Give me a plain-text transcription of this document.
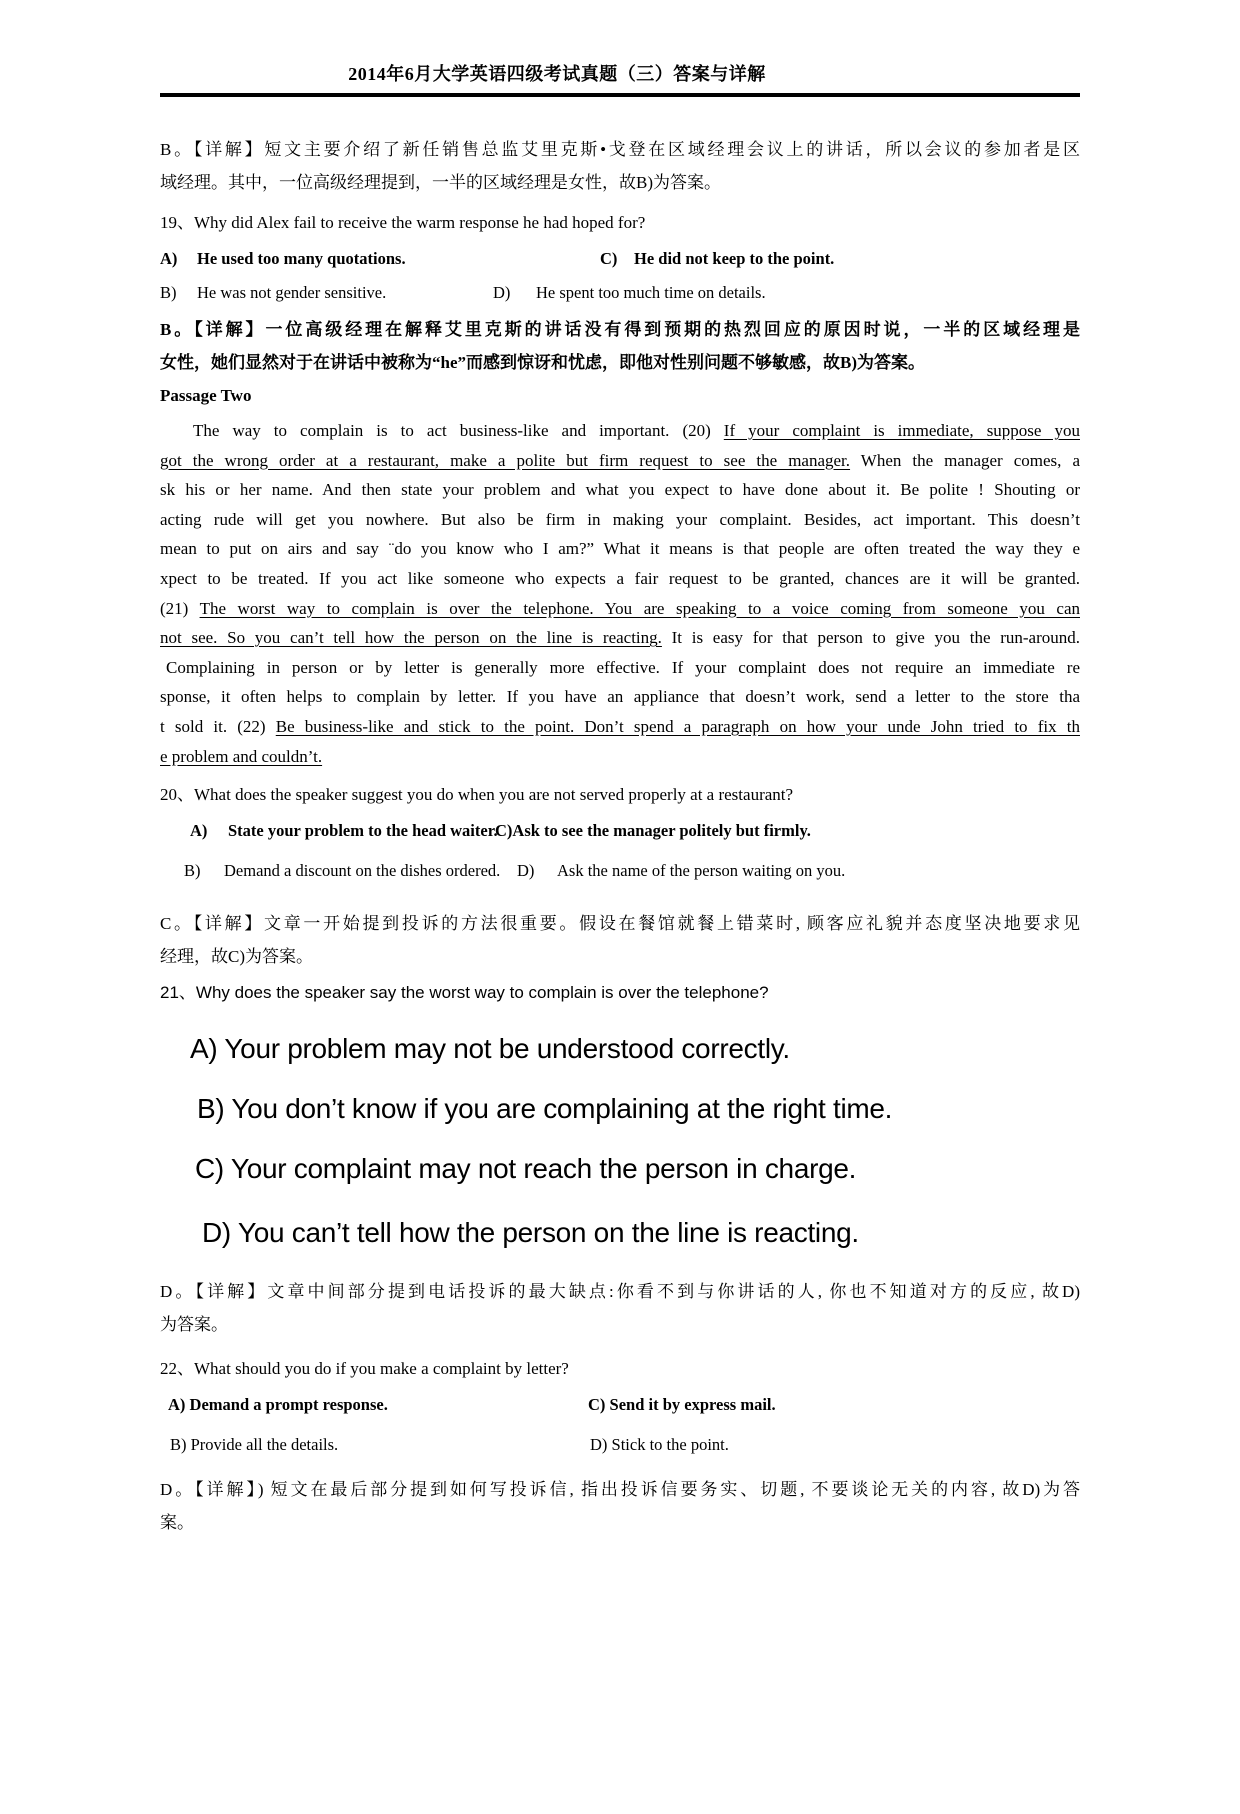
2014年6月大学英语四级考试真题（三）答案与详解
B。【详解】短文主要介绍了新任销售总监艾里克斯•戈登在区域经理会议上的讲话，所以会议的参加者是区
域经理。其中，一位高级经理提到，一半的区域经理是女性，故B)为答案。
19、Why did Alex fail to receive the warm response he had hoped for?
A) He used too many quotations.	C) He did not keep to the point.
B) He was not gender sensitive.	D) He spent too much time on details.
B。【详解】一位高级经理在解释艾里克斯的讲话没有得到预期的热烈回应的原因时说，一半的区域经理是
女性，她们显然对于在讲话中被称为“he”而感到惊讶和忧虑，即他对性别问题不够敏感，故B)为答案。
Passage Two
The way to complain is to act business-like and important. (20) If your complaint is immediate, suppose you
got the wrong order at a restaurant, make a polite but firm request to see the manager. When the manager comes, a
sk his or her name. And then state your problem and what you expect to have done about it. Be polite ! Shouting or
acting rude will get you nowhere. But also be firm in making your complaint. Besides, act important. This doesn’t
mean to put on airs and say ¨do you know who I am?” What it means is that people are often treated the way they e
xpect to be treated. If you act like someone who expects a fair request to be granted, chances are it will be granted.
(21) The worst way to complain is over the telephone. You are speaking to a voice coming from someone you can
not see. So you can’t tell how the person on the line is reacting. It is easy for that person to give you the run-around.
Complaining in person or by letter is generally more effective. If your complaint does not require an immediate re
sponse, it often helps to complain by letter. If you have an appliance that doesn’t work, send a letter to the store tha
t sold it. (22) Be business-like and stick to the point. Don’t spend a paragraph on how your unde John tried to fix th
e problem and couldn’t.
20、What does the speaker suggest you do when you are not served properly at a restaurant?
A) State your problem to the head waiter.
C)Ask to see the manager politely but firmly.
B) Demand a discount on the dishes ordered. D) Ask the name of the person waiting on you.
C。【详解】文章一开始提到投诉的方法很重要。假设在餐馆就餐上错菜时, 顾客应礼貌并态度坚决地要求见
经理，故C)为答案。
21、Why does the speaker say the worst way to complain is over the telephone?
A) Your problem may not be understood correctly.
B) You don’t know if you are complaining at the right time.
C) Your complaint may not reach the person in charge.
D) You can’t tell how the person on the line is reacting.
D。【详解】文章中间部分提到电话投诉的最大缺点:你看不到与你讲话的人, 你也不知道对方的反应, 故D)
为答案。
22、What should you do if you make a complaint by letter?
A) Demand a prompt response.	C) Send it by express mail.
B) Provide all the details.	D) Stick to the point.
D。【详解】) 短文在最后部分提到如何写投诉信, 指出投诉信要务实、切题, 不要谈论无关的内容, 故D)为答
案。
